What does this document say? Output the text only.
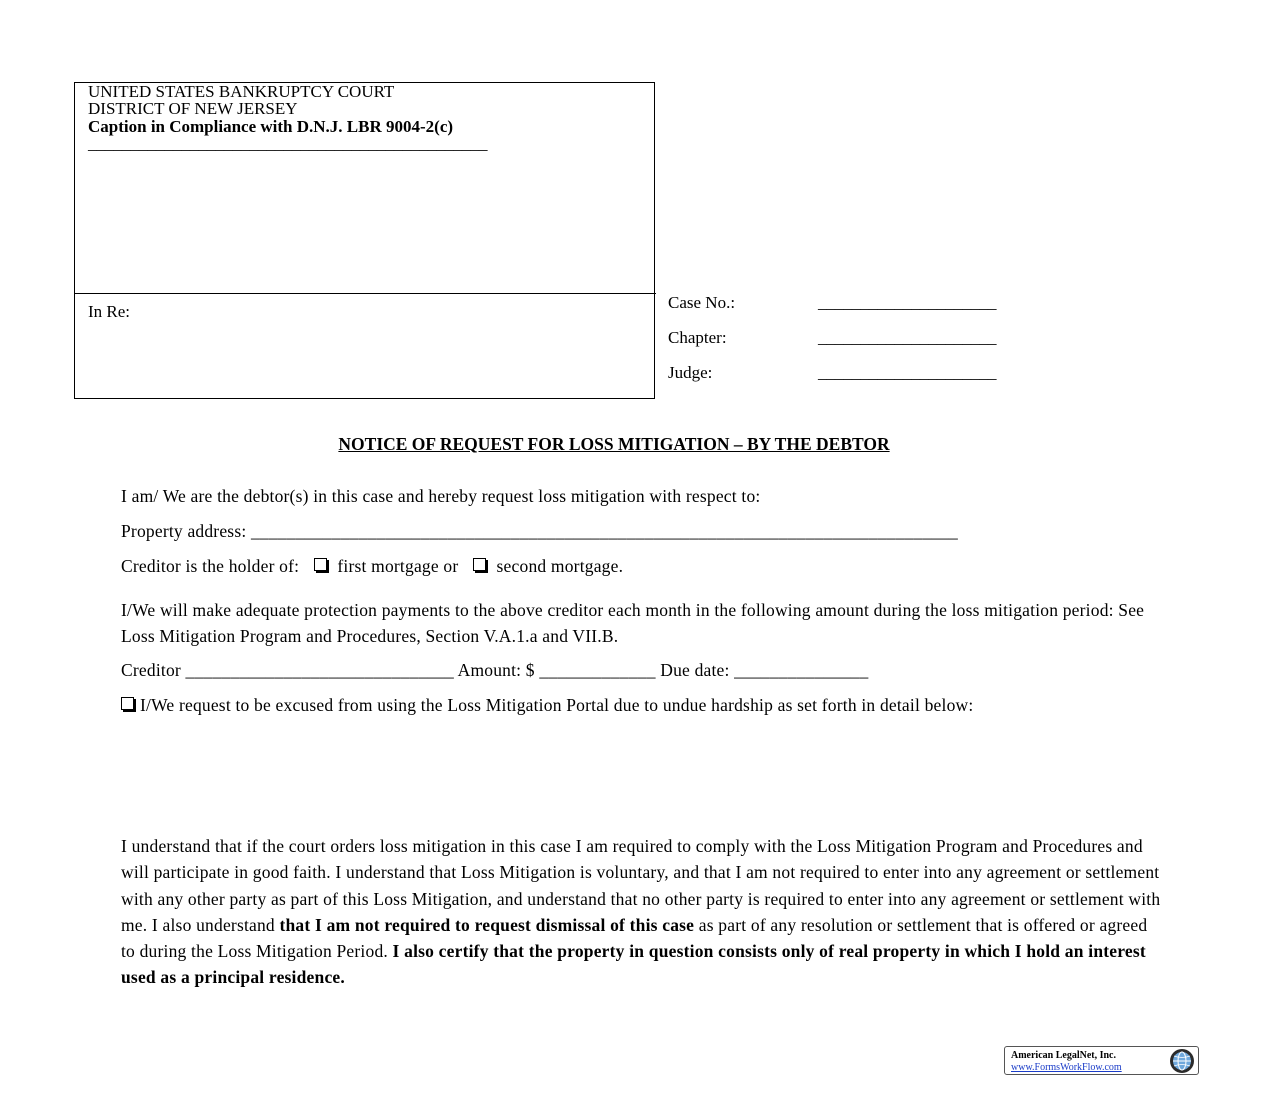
UNITED STATES BANKRUPTCY COURT
DISTRICT OF NEW JERSEY
Caption in Compliance with D.N.J. LBR 9004-2(c)
_______________________________________________
In Re:	Case No.:	_____________________
Chapter:	_____________________
Judge:	_____________________
NOTICE OF REQUEST FOR LOSS MITIGATION – BY THE DEBTOR
I am/ We are the debtor(s) in this case and hereby request loss mitigation with respect to:
Property address: _______________________________________________________________________________
Creditor is the holder of: first mortgage or second mortgage.
I/We will make adequate protection payments to the above creditor each month in the following amount during the loss mitigation period: See Loss Mitigation Program and Procedures, Section V.A.1.a and VII.B.
Creditor ______________________________ Amount: $ _____________ Due date: _______________
I/We request to be excused from using the Loss Mitigation Portal due to undue hardship as set forth in detail below:
I understand that if the court orders loss mitigation in this case I am required to comply with the Loss Mitigation Program and Procedures and will participate in good faith. I understand that Loss Mitigation is voluntary, and that I am not required to enter into any agreement or settlement with any other party as part of this Loss Mitigation, and understand that no other party is required to enter into any agreement or settlement with me. I also understand that I am not required to request dismissal of this case as part of any resolution or settlement that is offered or agreed to during the Loss Mitigation Period. I also certify that the property in question consists only of real property in which I hold an interest used as a principal residence.
American LegalNet, Inc.
www.FormsWorkFlow.com
